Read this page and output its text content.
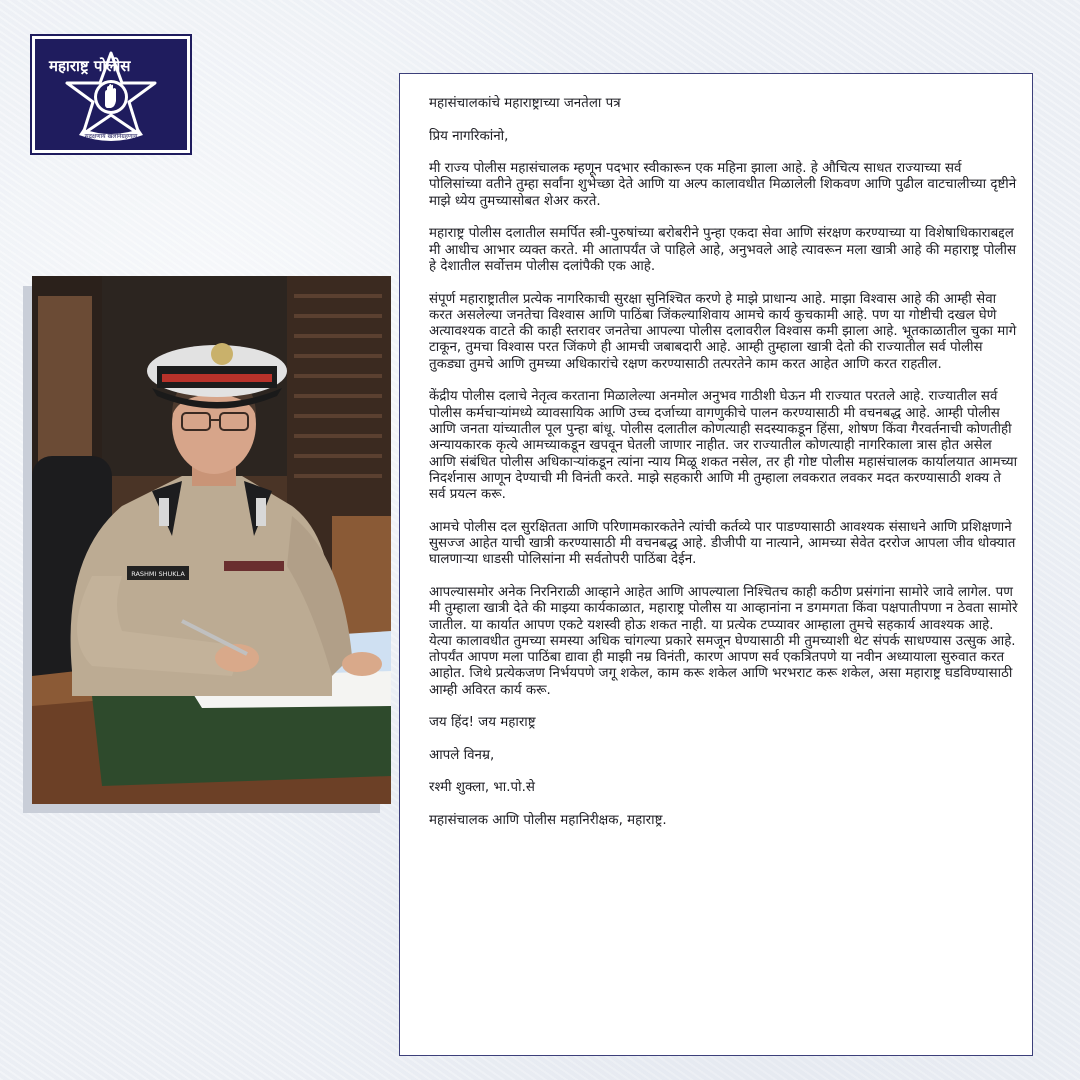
महाराष्ट्र पोलीस
सद्रक्षणाय खलनिग्रहणाय
RASHMI SHUKLA

महासंचालकांचे महाराष्ट्राच्या जनतेला पत्र

प्रिय नागरिकांनो,

मी राज्य पोलीस महासंचालक म्हणून पदभार स्वीकारून एक महिना झाला आहे. हे औचित्य साधत राज्याच्या सर्व पोलिसांच्या वतीने तुम्हा सर्वांना शुभेच्छा देते आणि या अल्प कालावधीत मिळालेली शिकवण आणि पुढील वाटचालीच्या दृष्टीने माझे ध्येय तुमच्यासोबत शेअर करते.

महाराष्ट्र पोलीस दलातील समर्पित स्त्री-पुरुषांच्या बरोबरीने पुन्हा एकदा सेवा आणि संरक्षण करण्याच्या या विशेषाधिकाराबद्दल मी आधीच आभार व्यक्त करते. मी आतापर्यंत जे पाहिले आहे, अनुभवले आहे त्यावरून मला खात्री आहे की महाराष्ट्र पोलीस हे देशातील सर्वोत्तम पोलीस दलांपैकी एक आहे.

संपूर्ण महाराष्ट्रातील प्रत्येक नागरिकाची सुरक्षा सुनिश्चित करणे हे माझे प्राधान्य आहे. माझा विश्वास आहे की आम्ही सेवा करत असलेल्या जनतेचा विश्वास आणि पाठिंबा जिंकल्याशिवाय आमचे कार्य कुचकामी आहे. पण या गोष्टीची दखल घेणे अत्यावश्यक वाटते की काही स्तरावर जनतेचा आपल्या पोलीस दलावरील विश्वास कमी झाला आहे. भूतकाळातील चुका मागे टाकून, तुमचा विश्वास परत जिंकणे ही आमची जबाबदारी आहे. आम्ही तुम्हाला खात्री देतो की राज्यातील सर्व पोलीस तुकड्या तुमचे आणि तुमच्या अधिकारांचे रक्षण करण्यासाठी तत्परतेने काम करत आहेत आणि करत राहतील.

केंद्रीय पोलीस दलाचे नेतृत्व करताना मिळालेल्या अनमोल अनुभव गाठीशी घेऊन मी राज्यात परतले आहे. राज्यातील सर्व पोलीस कर्मचाऱ्यांमध्ये व्यावसायिक आणि उच्च दर्जाच्या वागणुकीचे पालन करण्यासाठी मी वचनबद्ध आहे. आम्ही पोलीस आणि जनता यांच्यातील पूल पुन्हा बांधू. पोलीस दलातील कोणत्याही सदस्याकडून हिंसा, शोषण किंवा गैरवर्तनाची कोणतीही अन्यायकारक कृत्ये आमच्याकडून खपवून घेतली जाणार नाहीत. जर राज्यातील कोणत्याही नागरिकाला त्रास होत असेल आणि संबंधित पोलीस अधिकाऱ्यांकडून त्यांना न्याय मिळू शकत नसेल, तर ही गोष्ट पोलीस महासंचालक कार्यालयात आमच्या निदर्शनास आणून देण्याची मी विनंती करते. माझे सहकारी आणि मी तुम्हाला लवकरात लवकर मदत करण्यासाठी शक्य ते सर्व प्रयत्न करू.

आमचे पोलीस दल सुरक्षितता आणि परिणामकारकतेने त्यांची कर्तव्ये पार पाडण्यासाठी आवश्यक संसाधने आणि प्रशिक्षणाने सुसज्ज आहेत याची खात्री करण्यासाठी मी वचनबद्ध आहे. डीजीपी या नात्याने, आमच्या सेवेत दररोज आपला जीव धोक्यात घालणाऱ्या धाडसी पोलिसांना मी सर्वतोपरी पाठिंबा देईन.

आपल्यासमोर अनेक निरनिराळी आव्हाने आहेत आणि आपल्याला निश्चितच काही कठीण प्रसंगांना सामोरे जावे लागेल. पण मी तुम्हाला खात्री देते की माझ्या कार्यकाळात, महाराष्ट्र पोलीस या आव्हानांना न डगमगता किंवा पक्षपातीपणा न ठेवता सामोरे जातील. या कार्यात आपण एकटे यशस्वी होऊ शकत नाही. या प्रत्येक टप्प्यावर आम्हाला तुमचे सहकार्य आवश्यक आहे. येत्या कालावधीत तुमच्या समस्या अधिक चांगल्या प्रकारे समजून घेण्यासाठी मी तुमच्याशी थेट संपर्क साधण्यास उत्सुक आहे. तोपर्यंत आपण मला पाठिंबा द्यावा ही माझी नम्र विनंती, कारण आपण सर्व एकत्रितपणे या नवीन अध्यायाला सुरुवात करत आहोत. जिथे प्रत्येकजण निर्भयपणे जगू शकेल, काम करू शकेल आणि भरभराट करू शकेल, असा महाराष्ट्र घडविण्यासाठी आम्ही अविरत कार्य करू.

जय हिंद! जय महाराष्ट्र

आपले विनम्र,

रश्मी शुक्ला, भा.पो.से

महासंचालक आणि पोलीस महानिरीक्षक, महाराष्ट्र.
